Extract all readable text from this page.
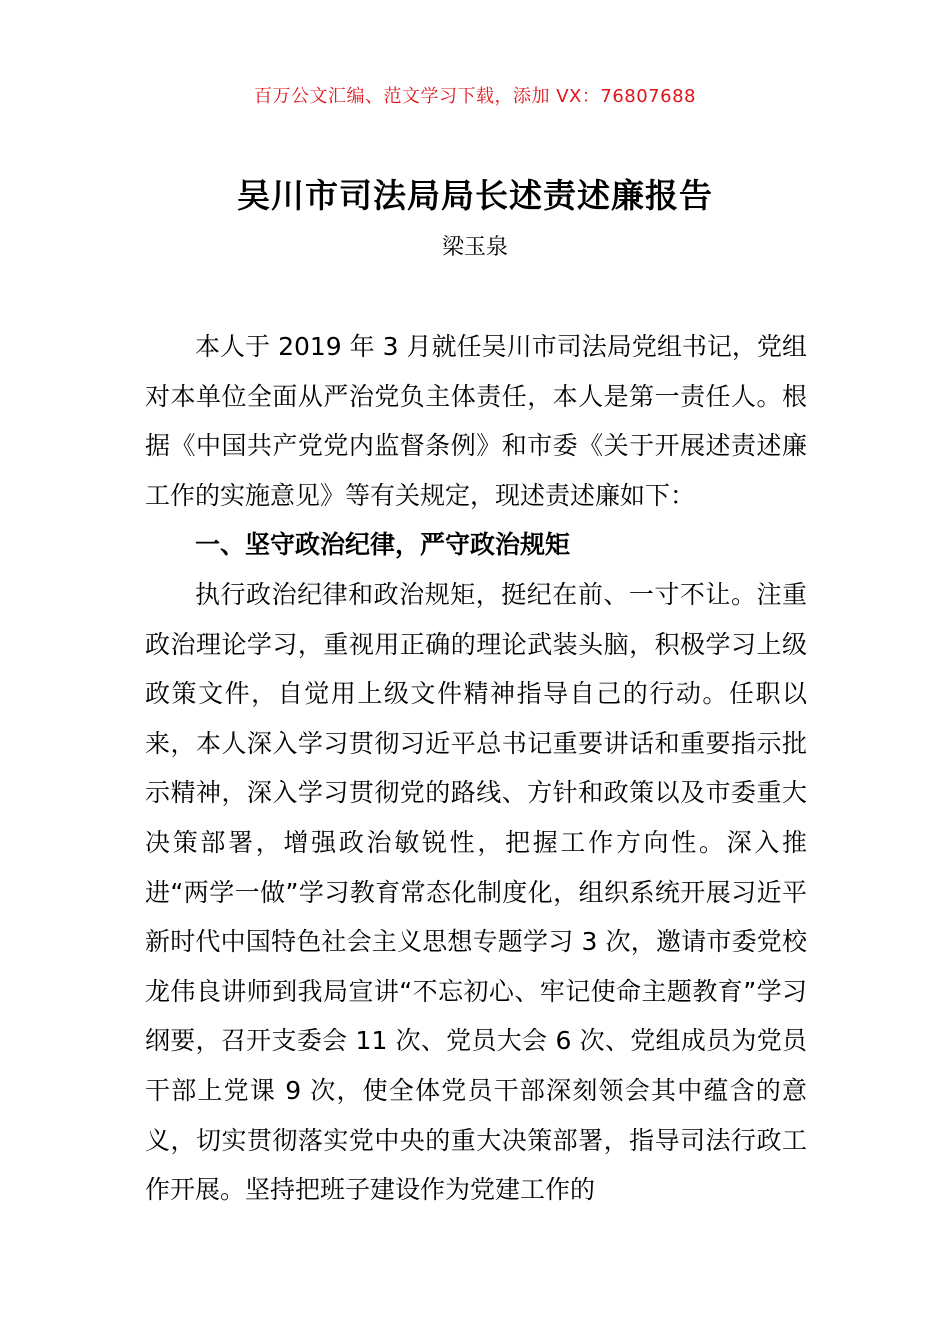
百万公文汇编、范文学习下载，添加 VX：76807688
吴川市司法局局长述责述廉报告
梁玉泉

本人于 2019 年 3 月就任吴川市司法局党组书记，党组对本单位全面从严治党负主体责任，本人是第一责任人。根据《中国共产党党内监督条例》和市委《关于开展述责述廉工作的实施意见》等有关规定，现述责述廉如下：

一、坚守政治纪律，严守政治规矩

执行政治纪律和政治规矩，挺纪在前、一寸不让。注重政治理论学习，重视用正确的理论武装头脑，积极学习上级政策文件，自觉用上级文件精神指导自己的行动。任职以来，本人深入学习贯彻习近平总书记重要讲话和重要指示批示精神，深入学习贯彻党的路线、方针和政策以及市委重大决策部署，增强政治敏锐性，把握工作方向性。深入推进“两学一做”学习教育常态化制度化，组织系统开展习近平新时代中国特色社会主义思想专题学习 3 次，邀请市委党校龙伟良讲师到我局宣讲“不忘初心、牢记使命主题教育”学习纲要，召开支委会 11 次、党员大会 6 次、党组成员为党员干部上党课 9 次，使全体党员干部深刻领会其中蕴含的意义，切实贯彻落实党中央的重大决策部署，指导司法行政工作开展。坚持把班子建设作为党建工作的
